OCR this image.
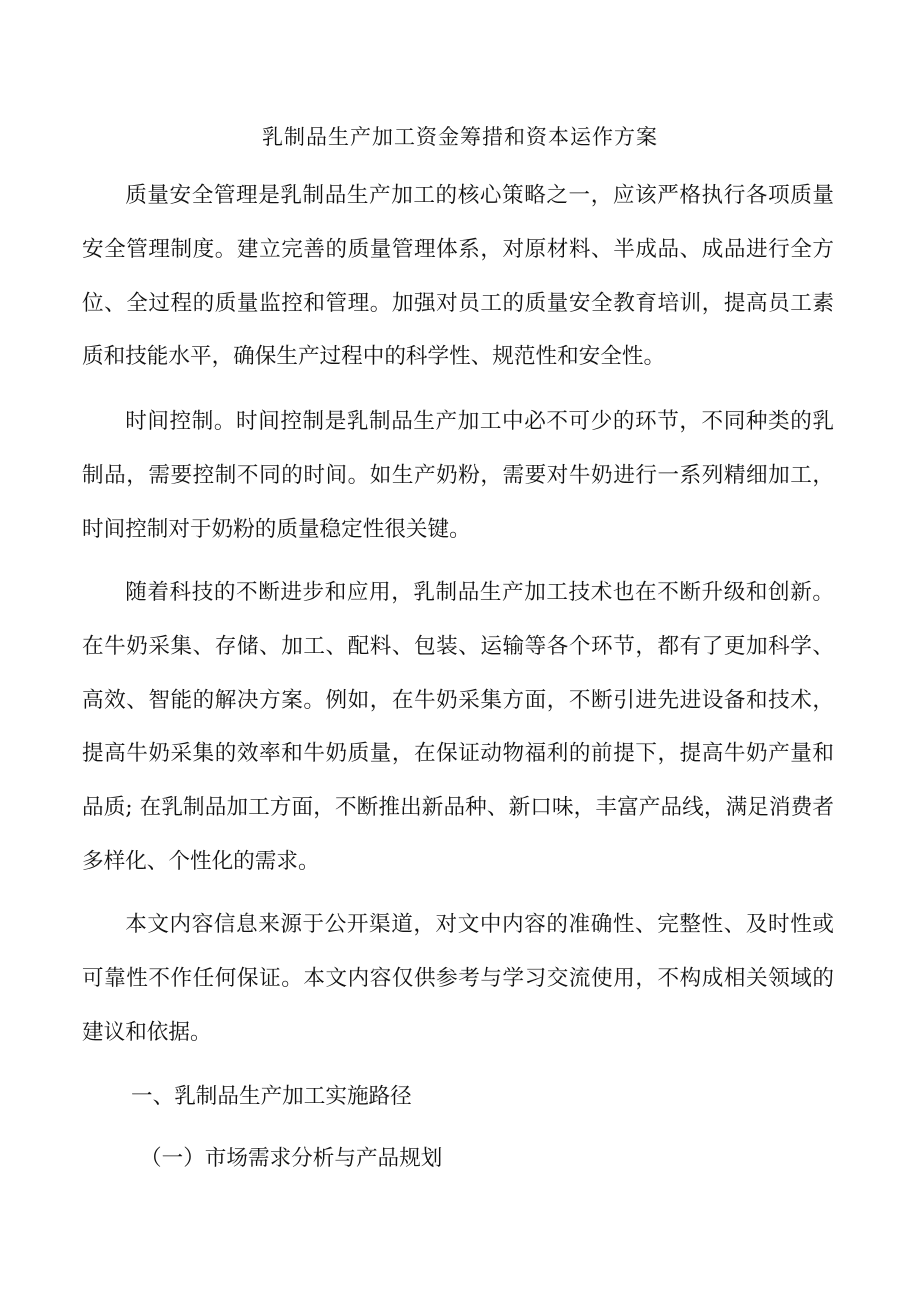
乳制品生产加工资金筹措和资本运作方案

质量安全管理是乳制品生产加工的核心策略之一，应该严格执行各项质量安全管理制度。建立完善的质量管理体系，对原材料、半成品、成品进行全方位、全过程的质量监控和管理。加强对员工的质量安全教育培训，提高员工素质和技能水平，确保生产过程中的科学性、规范性和安全性。

时间控制。时间控制是乳制品生产加工中必不可少的环节，不同种类的乳制品，需要控制不同的时间。如生产奶粉，需要对牛奶进行一系列精细加工，时间控制对于奶粉的质量稳定性很关键。

随着科技的不断进步和应用，乳制品生产加工技术也在不断升级和创新。在牛奶采集、存储、加工、配料、包装、运输等各个环节，都有了更加科学、高效、智能的解决方案。例如，在牛奶采集方面，不断引进先进设备和技术，提高牛奶采集的效率和牛奶质量，在保证动物福利的前提下，提高牛奶产量和品质; 在乳制品加工方面，不断推出新品种、新口味，丰富产品线，满足消费者多样化、个性化的需求。

本文内容信息来源于公开渠道，对文中内容的准确性、完整性、及时性或可靠性不作任何保证。本文内容仅供参考与学习交流使用，不构成相关领域的建议和依据。

一、乳制品生产加工实施路径
（一）市场需求分析与产品规划
